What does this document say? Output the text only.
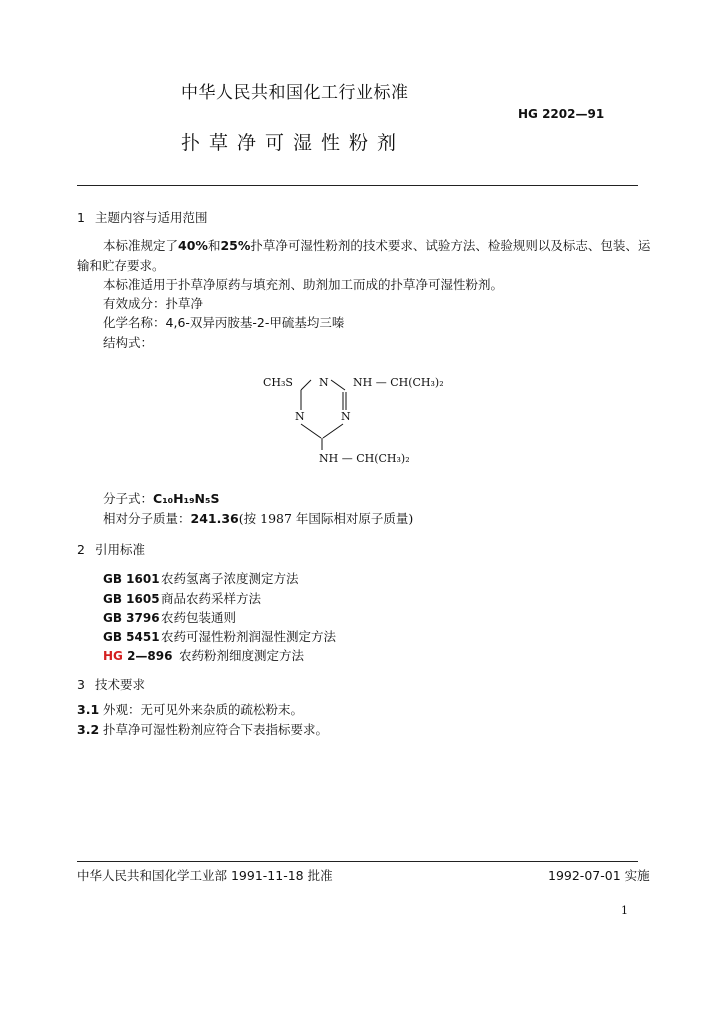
中华人民共和国化工行业标准
HG 2202—91
扑草净可湿性粉剂
1 主题内容与适用范围
本标准规定了40%和25%扑草净可湿性粉剂的技术要求、试验方法、检验规则以及标志、包装、运
输和贮存要求。
本标准适用于扑草净原药与填充剂、助剂加工而成的扑草净可湿性粉剂。
有效成分：扑草净
化学名称：4,6-双异丙胺基-2-甲硫基均三嗪
结构式：
CH₃S N NH — CH(CH₃)₂
N	N
NH — CH(CH₃)₂
分子式：C₁₀H₁₉N₅S
相对分子质量：241.36(按 1987 年国际相对原子质量)
2 引用标准
GB 1601农药氢离子浓度测定方法
GB 1605商品农药采样方法
GB 3796农药包装通则
GB 5451农药可湿性粉剂润湿性测定方法
HG 2—896 农药粉剂细度测定方法
3 技术要求
3.1 外观：无可见外来杂质的疏松粉末。
3.2 扑草净可湿性粉剂应符合下表指标要求。
中华人民共和国化学工业部 1991-11-18 批准	1992-07-01 实施
1
